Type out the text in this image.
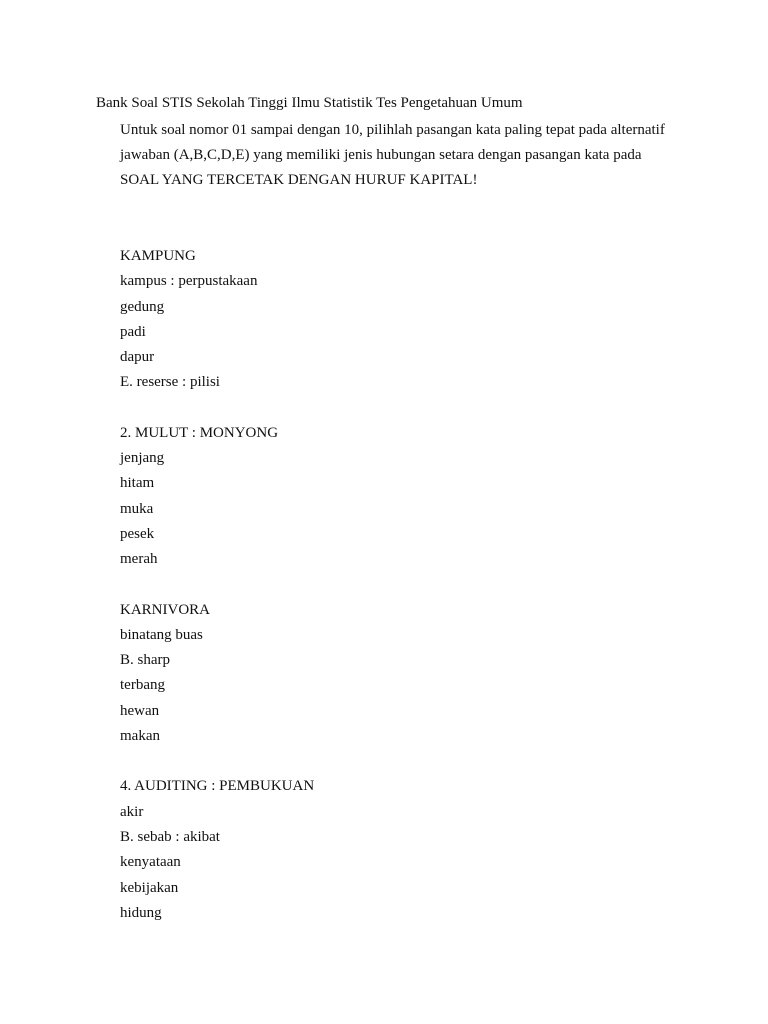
Bank Soal STIS Sekolah Tinggi Ilmu Statistik Tes Pengetahuan Umum
Untuk soal nomor 01 sampai dengan 10, pilihlah pasangan kata paling tepat pada alternatif
jawaban (A,B,C,D,E) yang memiliki jenis hubungan setara dengan pasangan kata pada
SOAL YANG TERCETAK DENGAN HURUF KAPITAL!
KAMPUNG
kampus : perpustakaan
gedung
padi
dapur
E. reserse : pilisi
2. MULUT : MONYONG
jenjang
hitam
muka
pesek
merah
KARNIVORA
binatang buas
B. sharp
terbang
hewan
makan
4. AUDITING : PEMBUKUAN
akir
B. sebab : akibat
kenyataan
kebijakan
hidung
